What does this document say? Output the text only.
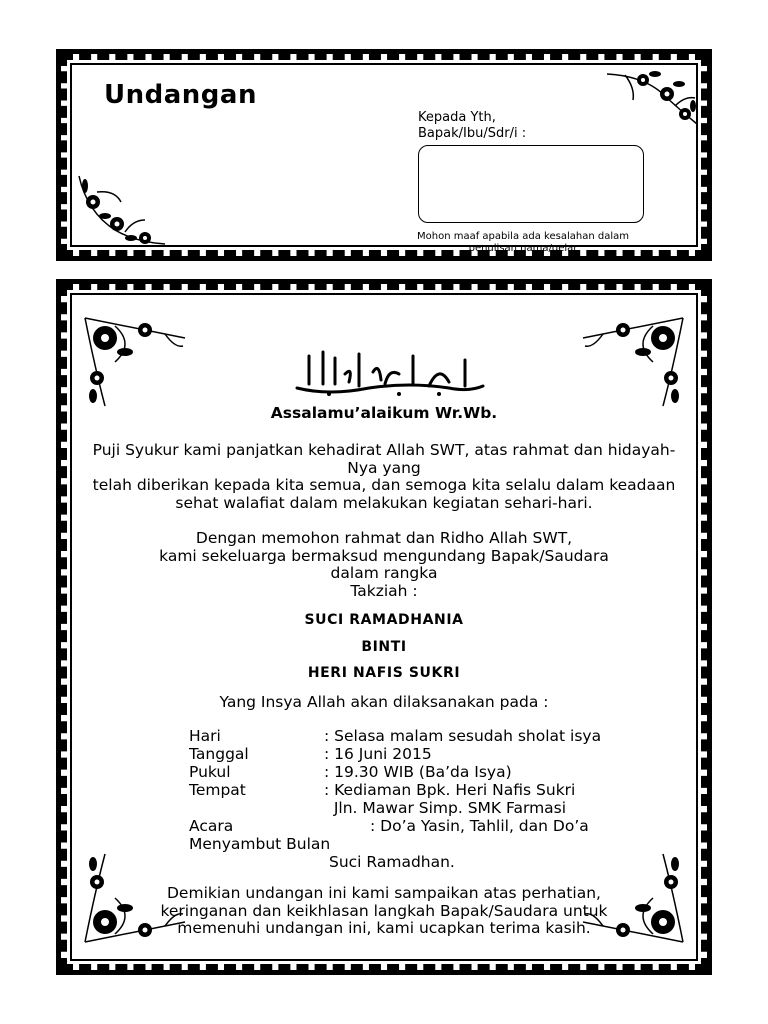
Undangan
Kepada Yth,
Bapak/Ibu/Sdr/i :
Mohon maaf apabila ada kesalahan dalam penulisan nama/gelar
Assalamu’alaikum Wr.Wb.
Puji Syukur kami panjatkan kehadirat Allah SWT, atas rahmat dan hidayah-
Nya yang
telah diberikan kepada kita semua, dan semoga kita selalu dalam keadaan
sehat walafiat dalam melakukan kegiatan sehari-hari.
Dengan memohon rahmat dan Ridho Allah SWT,
kami sekeluarga bermaksud mengundang Bapak/Saudara
dalam rangka
Takziah :
SUCI RAMADHANIA
BINTI
HERI NAFIS SUKRI
Yang Insya Allah akan dilaksanakan pada :
Hari	: Selasa malam sesudah sholat isya
Tanggal	: 16 Juni 2015
Pukul	: 19.30 WIB (Ba’da Isya)
Tempat	: Kediaman Bpk. Heri Nafis Sukri
Jln. Mawar Simp. SMK Farmasi
Acara	: Do’a Yasin, Tahlil, dan Do’a
Menyambut Bulan
Suci Ramadhan.
Demikian undangan ini kami sampaikan atas perhatian,
keringanan dan keikhlasan langkah Bapak/Saudara untuk
memenuhi undangan ini, kami ucapkan terima kasih.
